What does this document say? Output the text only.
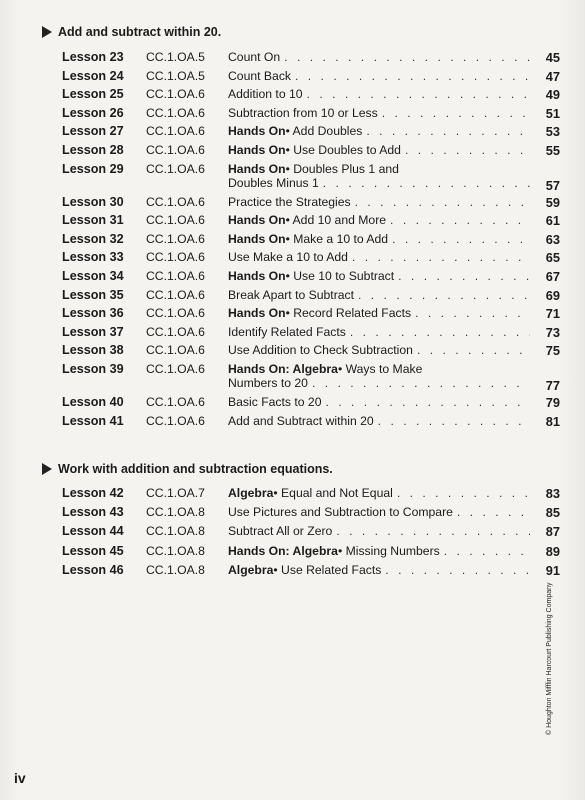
Add and subtract within 20.
Lesson 23 CC.1.OA.5 Count On . . .	45
Lesson 24 CC.1.OA.5 Count Back . . .	47
Lesson 25 CC.1.OA.6 Addition to 10 . . .	49
Lesson 26 CC.1.OA.6 Subtraction from 10 or Less . . .	51
Lesson 27 CC.1.OA.6 Hands On • Add Doubles . . .	53
Lesson 28 CC.1.OA.6 Hands On • Use Doubles to Add . . .	55
Lesson 29 CC.1.OA.6 Hands On • Doubles Plus 1 and
Doubles Minus 1 . . .	57
Lesson 30 CC.1.OA.6 Practice the Strategies . . .	59
Lesson 31 CC.1.OA.6 Hands On • Add 10 and More . . .	61
Lesson 32 CC.1.OA.6 Hands On • Make a 10 to Add . . .	63
Lesson 33 CC.1.OA.6 Use Make a 10 to Add . . .	65
Lesson 34 CC.1.OA.6 Hands On • Use 10 to Subtract . . .	67
Lesson 35 CC.1.OA.6 Break Apart to Subtract . . .	69
Lesson 36 CC.1.OA.6 Hands On • Record Related Facts . . .	71
Lesson 37 CC.1.OA.6 Identify Related Facts . . .	73
Lesson 38 CC.1.OA.6 Use Addition to Check Subtraction . . .	75
Lesson 39 CC.1.OA.6 Hands On: Algebra • Ways to Make
Numbers to 20 . . .	77
Lesson 40 CC.1.OA.6 Basic Facts to 20 . . .	79
Lesson 41 CC.1.OA.6 Add and Subtract within 20 . . .	81
Work with addition and subtraction equations.
Lesson 42 CC.1.OA.7 Algebra • Equal and Not Equal . . .	83
Lesson 43 CC.1.OA.8 Use Pictures and Subtraction to Compare . . .	85
Lesson 44 CC.1.OA.8 Subtract All or Zero . . .	87
Lesson 45 CC.1.OA.8 Hands On: Algebra • Missing Numbers . . .	89
Lesson 46 CC.1.OA.8 Algebra • Use Related Facts . . .	91
iv
© Houghton Mifflin Harcourt Publishing Company
